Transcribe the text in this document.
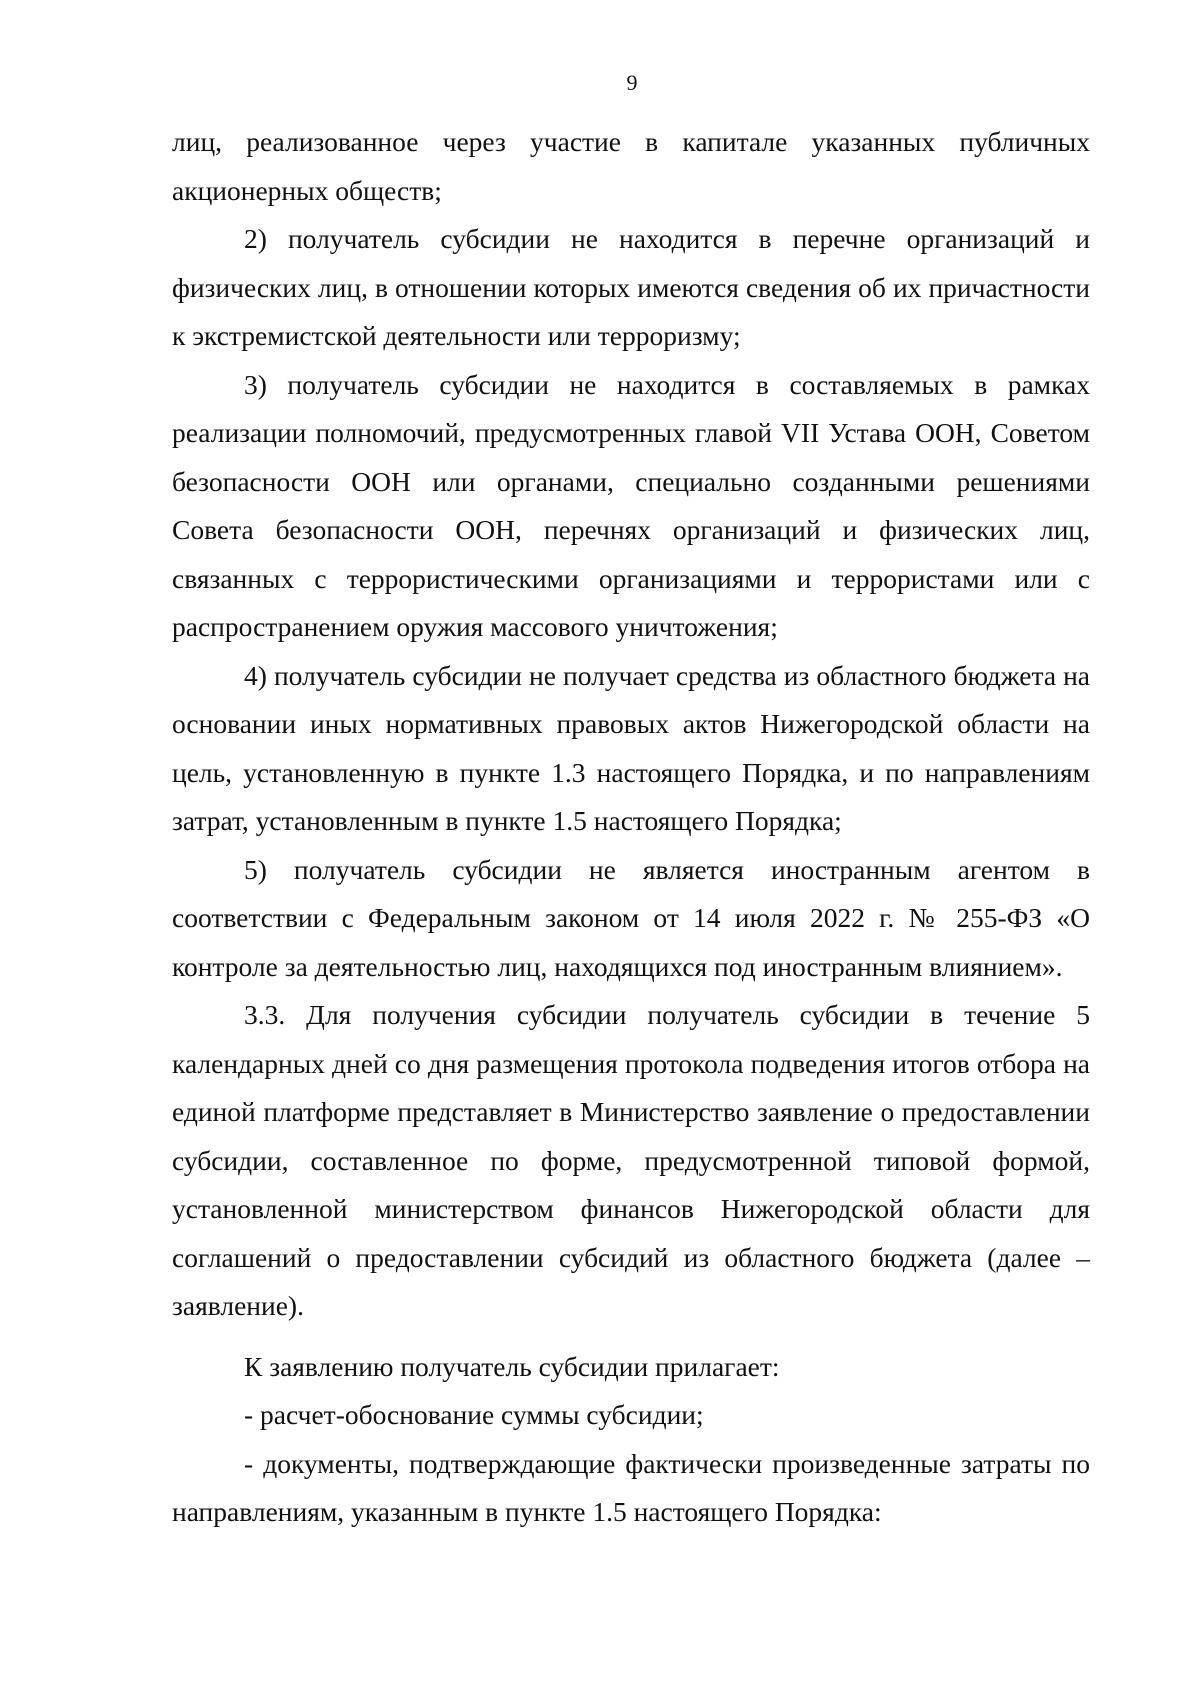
9

лиц, реализованное через участие в капитале указанных публичных акционерных обществ;

2) получатель субсидии не находится в перечне организаций и физических лиц, в отношении которых имеются сведения об их причастности к экстремистской деятельности или терроризму;

3) получатель субсидии не находится в составляемых в рамках реализации полномочий, предусмотренных главой VII Устава ООН, Советом безопасности ООН или органами, специально созданными решениями Совета безопасности ООН, перечнях организаций и физических лиц, связанных с террористическими организациями и террористами или с распространением оружия массового уничтожения;

4) получатель субсидии не получает средства из областного бюджета на основании иных нормативных правовых актов Нижегородской области на цель, установленную в пункте 1.3 настоящего Порядка, и по направлениям затрат, установленным в пункте 1.5 настоящего Порядка;

5) получатель субсидии не является иностранным агентом в соответствии с Федеральным законом от 14 июля 2022 г. № 255-ФЗ «О контроле за деятельностью лиц, находящихся под иностранным влиянием».

3.3. Для получения субсидии получатель субсидии в течение 5 календарных дней со дня размещения протокола подведения итогов отбора на единой платформе представляет в Министерство заявление о предоставлении субсидии, составленное по форме, предусмотренной типовой формой, установленной министерством финансов Нижегородской области для соглашений о предоставлении субсидий из областного бюджета (далее – заявление).

К заявлению получатель субсидии прилагает:

- расчет-обоснование суммы субсидии;

- документы, подтверждающие фактически произведенные затраты по направлениям, указанным в пункте 1.5 настоящего Порядка:
